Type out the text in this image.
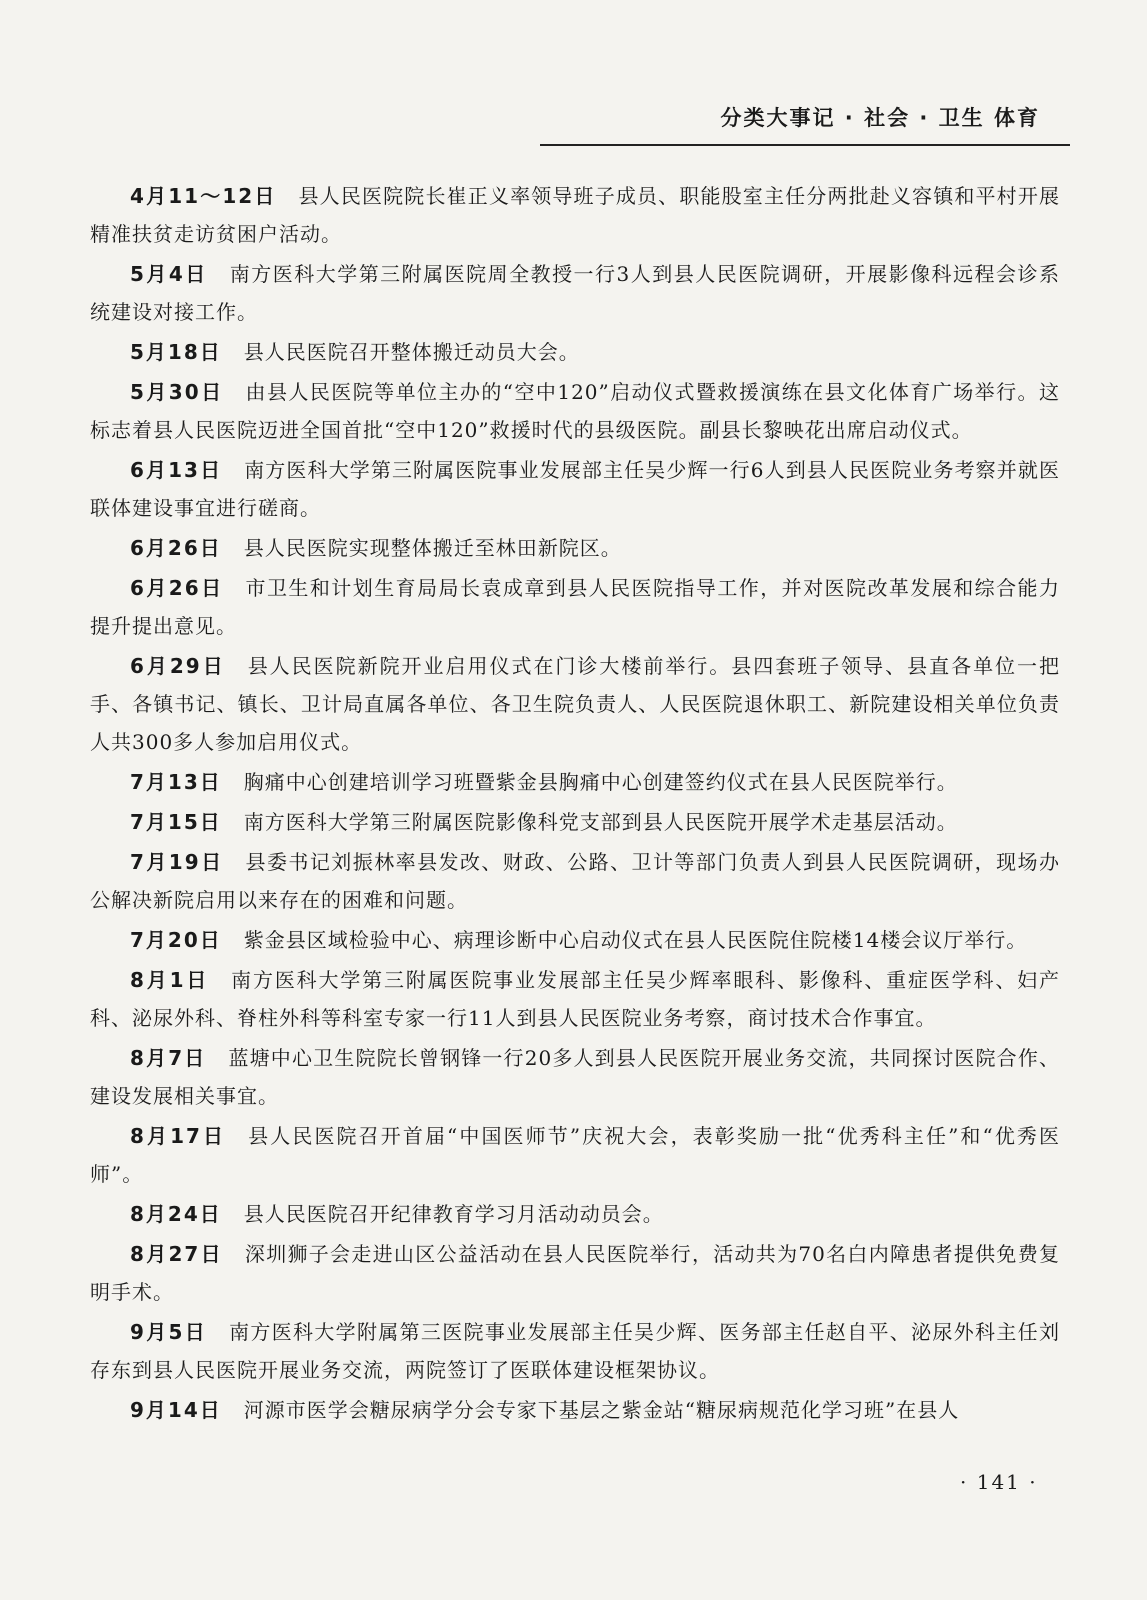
分类大事记 · 社会 · 卫生 体育

4月11～12日 县人民医院院长崔正义率领导班子成员、职能股室主任分两批赴义容镇和平村开展精准扶贫走访贫困户活动。

5月4日 南方医科大学第三附属医院周全教授一行3人到县人民医院调研，开展影像科远程会诊系统建设对接工作。

5月18日 县人民医院召开整体搬迁动员大会。

5月30日 由县人民医院等单位主办的“空中120”启动仪式暨救援演练在县文化体育广场举行。这标志着县人民医院迈进全国首批“空中120”救援时代的县级医院。副县长黎映花出席启动仪式。

6月13日 南方医科大学第三附属医院事业发展部主任吴少辉一行6人到县人民医院业务考察并就医联体建设事宜进行磋商。

6月26日 县人民医院实现整体搬迁至林田新院区。

6月26日 市卫生和计划生育局局长袁成章到县人民医院指导工作，并对医院改革发展和综合能力提升提出意见。

6月29日 县人民医院新院开业启用仪式在门诊大楼前举行。县四套班子领导、县直各单位一把手、各镇书记、镇长、卫计局直属各单位、各卫生院负责人、人民医院退休职工、新院建设相关单位负责人共300多人参加启用仪式。

7月13日 胸痛中心创建培训学习班暨紫金县胸痛中心创建签约仪式在县人民医院举行。

7月15日 南方医科大学第三附属医院影像科党支部到县人民医院开展学术走基层活动。

7月19日 县委书记刘振林率县发改、财政、公路、卫计等部门负责人到县人民医院调研，现场办公解决新院启用以来存在的困难和问题。

7月20日 紫金县区域检验中心、病理诊断中心启动仪式在县人民医院住院楼14楼会议厅举行。

8月1日 南方医科大学第三附属医院事业发展部主任吴少辉率眼科、影像科、重症医学科、妇产科、泌尿外科、脊柱外科等科室专家一行11人到县人民医院业务考察，商讨技术合作事宜。

8月7日 蓝塘中心卫生院院长曾钢锋一行20多人到县人民医院开展业务交流，共同探讨医院合作、建设发展相关事宜。

8月17日 县人民医院召开首届“中国医师节”庆祝大会，表彰奖励一批“优秀科主任”和“优秀医师”。

8月24日 县人民医院召开纪律教育学习月活动动员会。

8月27日 深圳狮子会走进山区公益活动在县人民医院举行，活动共为70名白内障患者提供免费复明手术。

9月5日 南方医科大学附属第三医院事业发展部主任吴少辉、医务部主任赵自平、泌尿外科主任刘存东到县人民医院开展业务交流，两院签订了医联体建设框架协议。

9月14日 河源市医学会糖尿病学分会专家下基层之紫金站“糖尿病规范化学习班”在县人

· 141 ·
